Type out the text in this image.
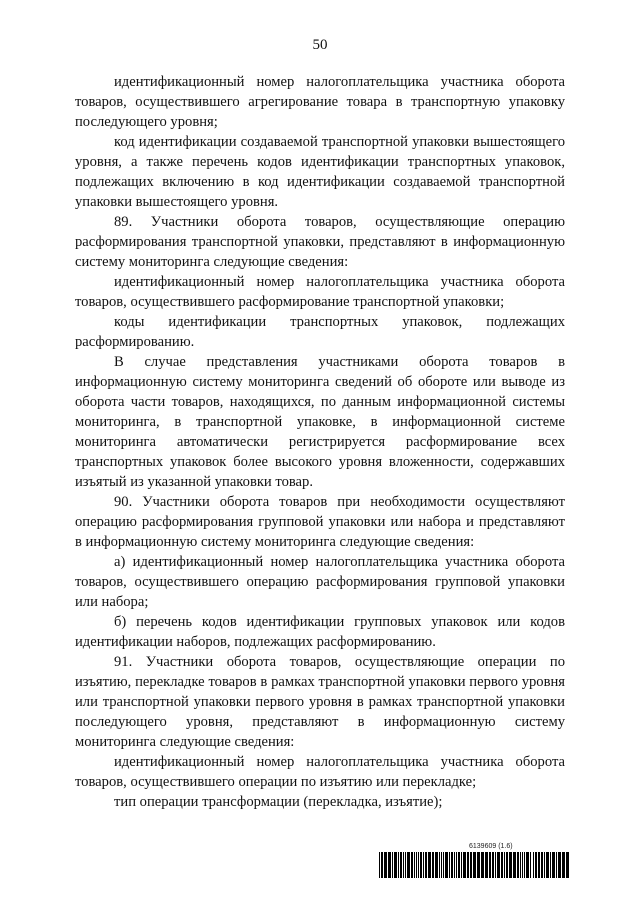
50

идентификационный номер налогоплательщика участника оборота товаров, осуществившего агрегирование товара в транспортную упаковку последующего уровня;

код идентификации создаваемой транспортной упаковки вышестоящего уровня, а также перечень кодов идентификации транспортных упаковок, подлежащих включению в код идентификации создаваемой транспортной упаковки вышестоящего уровня.

89. Участники оборота товаров, осуществляющие операцию расформирования транспортной упаковки, представляют в информационную систему мониторинга следующие сведения:

идентификационный номер налогоплательщика участника оборота товаров, осуществившего расформирование транспортной упаковки;

коды идентификации транспортных упаковок, подлежащих расформированию.

В случае представления участниками оборота товаров в информационную систему мониторинга сведений об обороте или выводе из оборота части товаров, находящихся, по данным информационной системы мониторинга, в транспортной упаковке, в информационной системе мониторинга автоматически регистрируется расформирование всех транспортных упаковок более высокого уровня вложенности, содержавших изъятый из указанной упаковки товар.

90. Участники оборота товаров при необходимости осуществляют операцию расформирования групповой упаковки или набора и представляют в информационную систему мониторинга следующие сведения:

а) идентификационный номер налогоплательщика участника оборота товаров, осуществившего операцию расформирования групповой упаковки или набора;

б) перечень кодов идентификации групповых упаковок или кодов идентификации наборов, подлежащих расформированию.

91. Участники оборота товаров, осуществляющие операции по изъятию, перекладке товаров в рамках транспортной упаковки первого уровня или транспортной упаковки первого уровня в рамках транспортной упаковки последующего уровня, представляют в информационную систему мониторинга следующие сведения:

идентификационный номер налогоплательщика участника оборота товаров, осуществившего операции по изъятию или перекладке;

тип операции трансформации (перекладка, изъятие);

6139609 (1.6)
